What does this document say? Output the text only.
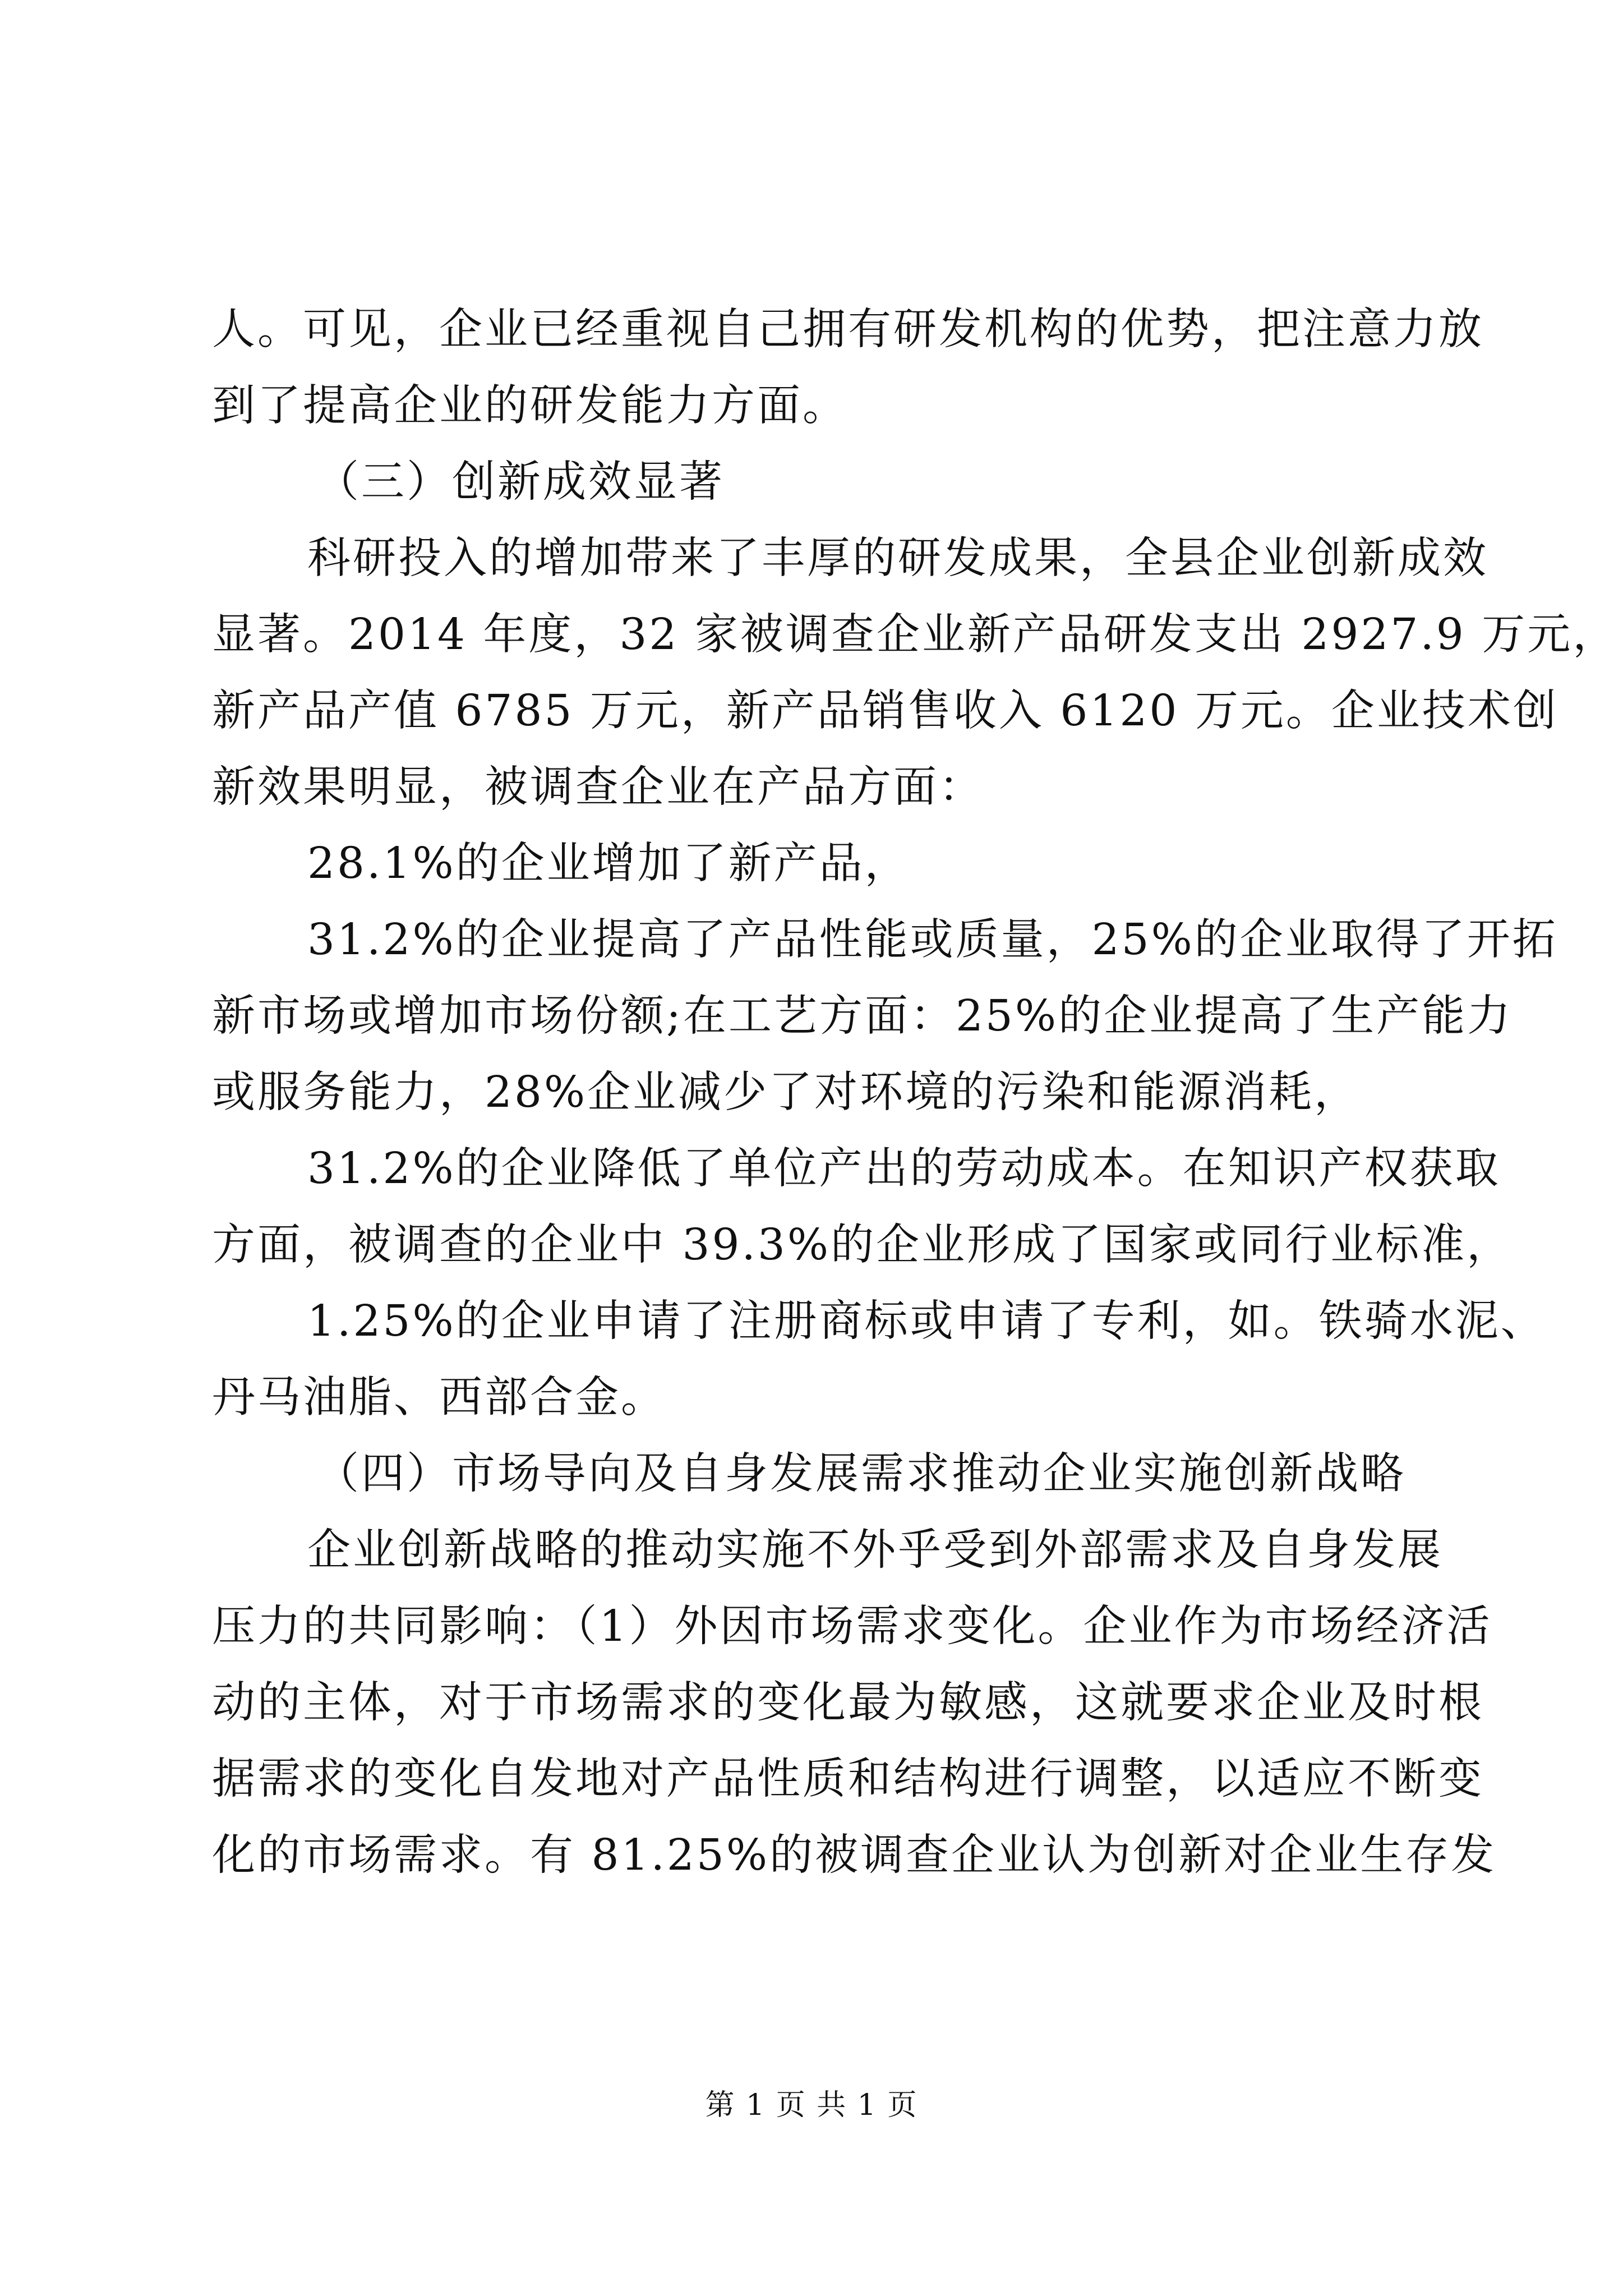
人。可见，企业已经重视自己拥有研发机构的优势，把注意力放
到了提高企业的研发能力方面。
（三）创新成效显著
科研投入的增加带来了丰厚的研发成果，全县企业创新成效
显著。2014 年度，32 家被调查企业新产品研发支出 2927.9 万元，
新产品产值 6785 万元，新产品销售收入 6120 万元。企业技术创
新效果明显，被调查企业在产品方面：
28.1%的企业增加了新产品，
31.2%的企业提高了产品性能或质量，25%的企业取得了开拓
新市场或增加市场份额;在工艺方面：25%的企业提高了生产能力
或服务能力，28%企业减少了对环境的污染和能源消耗，
31.2%的企业降低了单位产出的劳动成本。在知识产权获取
方面，被调查的企业中 39.3%的企业形成了国家或同行业标准，
1.25%的企业申请了注册商标或申请了专利，如。铁骑水泥、
丹马油脂、西部合金。
（四）市场导向及自身发展需求推动企业实施创新战略
企业创新战略的推动实施不外乎受到外部需求及自身发展
压力的共同影响：（1）外因市场需求变化。企业作为市场经济活
动的主体，对于市场需求的变化最为敏感，这就要求企业及时根
据需求的变化自发地对产品性质和结构进行调整，以适应不断变
化的市场需求。有 81.25%的被调查企业认为创新对企业生存发
第 1 页 共 1 页
